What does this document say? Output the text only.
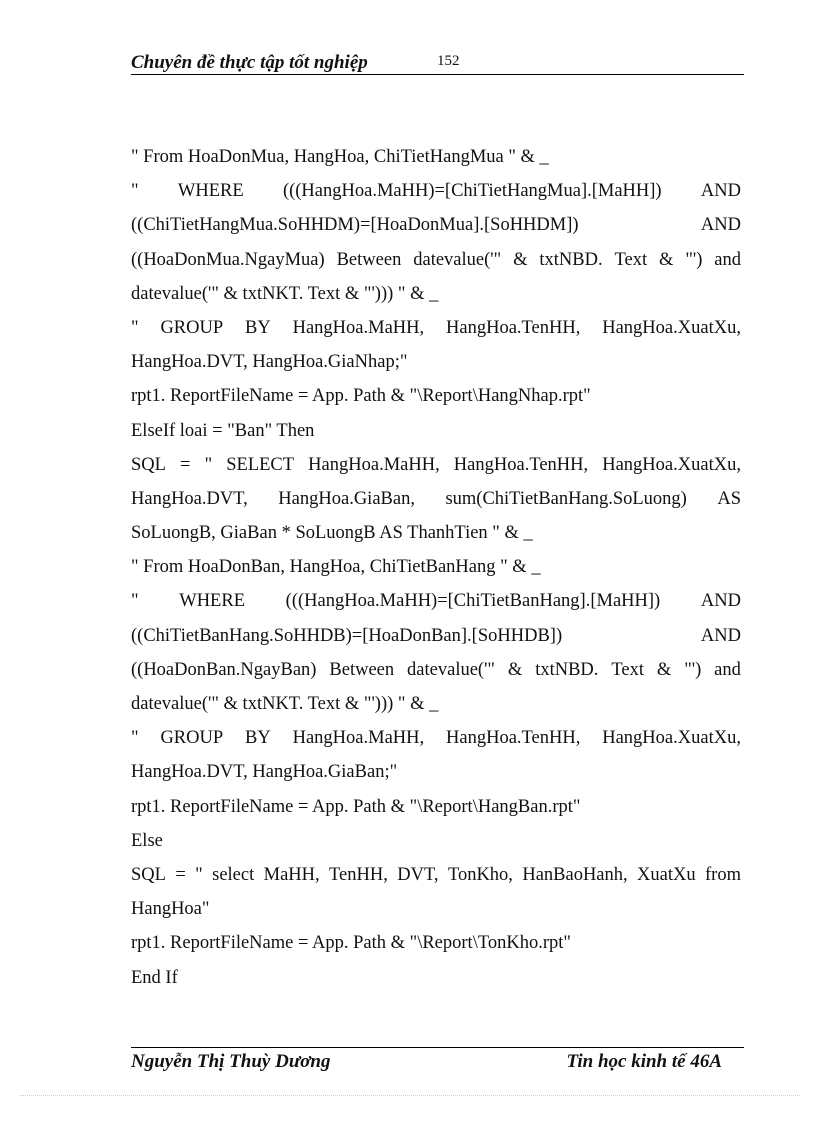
Chuyên đề thực tập tốt nghiệp	152
" From HoaDonMua, HangHoa, ChiTietHangMua " & _
" WHERE (((HangHoa.MaHH)=[ChiTietHangMua].[MaHH]) AND
((ChiTietHangMua.SoHHDM)=[HoaDonMua].[SoHHDM])	AND
((HoaDonMua.NgayMua) Between datevalue('" & txtNBD. Text & "') and
datevalue('" & txtNKT. Text & "'))) " & _
" GROUP BY HangHoa.MaHH, HangHoa.TenHH, HangHoa.XuatXu,
HangHoa.DVT, HangHoa.GiaNhap;"
rpt1. ReportFileName = App. Path & "\Report\HangNhap.rpt"
ElseIf loai = "Ban" Then
SQL = " SELECT HangHoa.MaHH, HangHoa.TenHH, HangHoa.XuatXu,
HangHoa.DVT, HangHoa.GiaBan, sum(ChiTietBanHang.SoLuong) AS
SoLuongB, GiaBan * SoLuongB AS ThanhTien " & _
" From HoaDonBan, HangHoa, ChiTietBanHang " & _
" WHERE (((HangHoa.MaHH)=[ChiTietBanHang].[MaHH]) AND
((ChiTietBanHang.SoHHDB)=[HoaDonBan].[SoHHDB])	AND
((HoaDonBan.NgayBan) Between datevalue('" & txtNBD. Text & "') and
datevalue('" & txtNKT. Text & "'))) " & _
" GROUP BY HangHoa.MaHH, HangHoa.TenHH, HangHoa.XuatXu,
HangHoa.DVT, HangHoa.GiaBan;"
rpt1. ReportFileName = App. Path & "\Report\HangBan.rpt"
Else
SQL = " select MaHH, TenHH, DVT, TonKho, HanBaoHanh, XuatXu from
HangHoa"
rpt1. ReportFileName = App. Path & "\Report\TonKho.rpt"
End If
Nguyễn Thị Thuỳ Dương	Tin học kinh tế 46A
